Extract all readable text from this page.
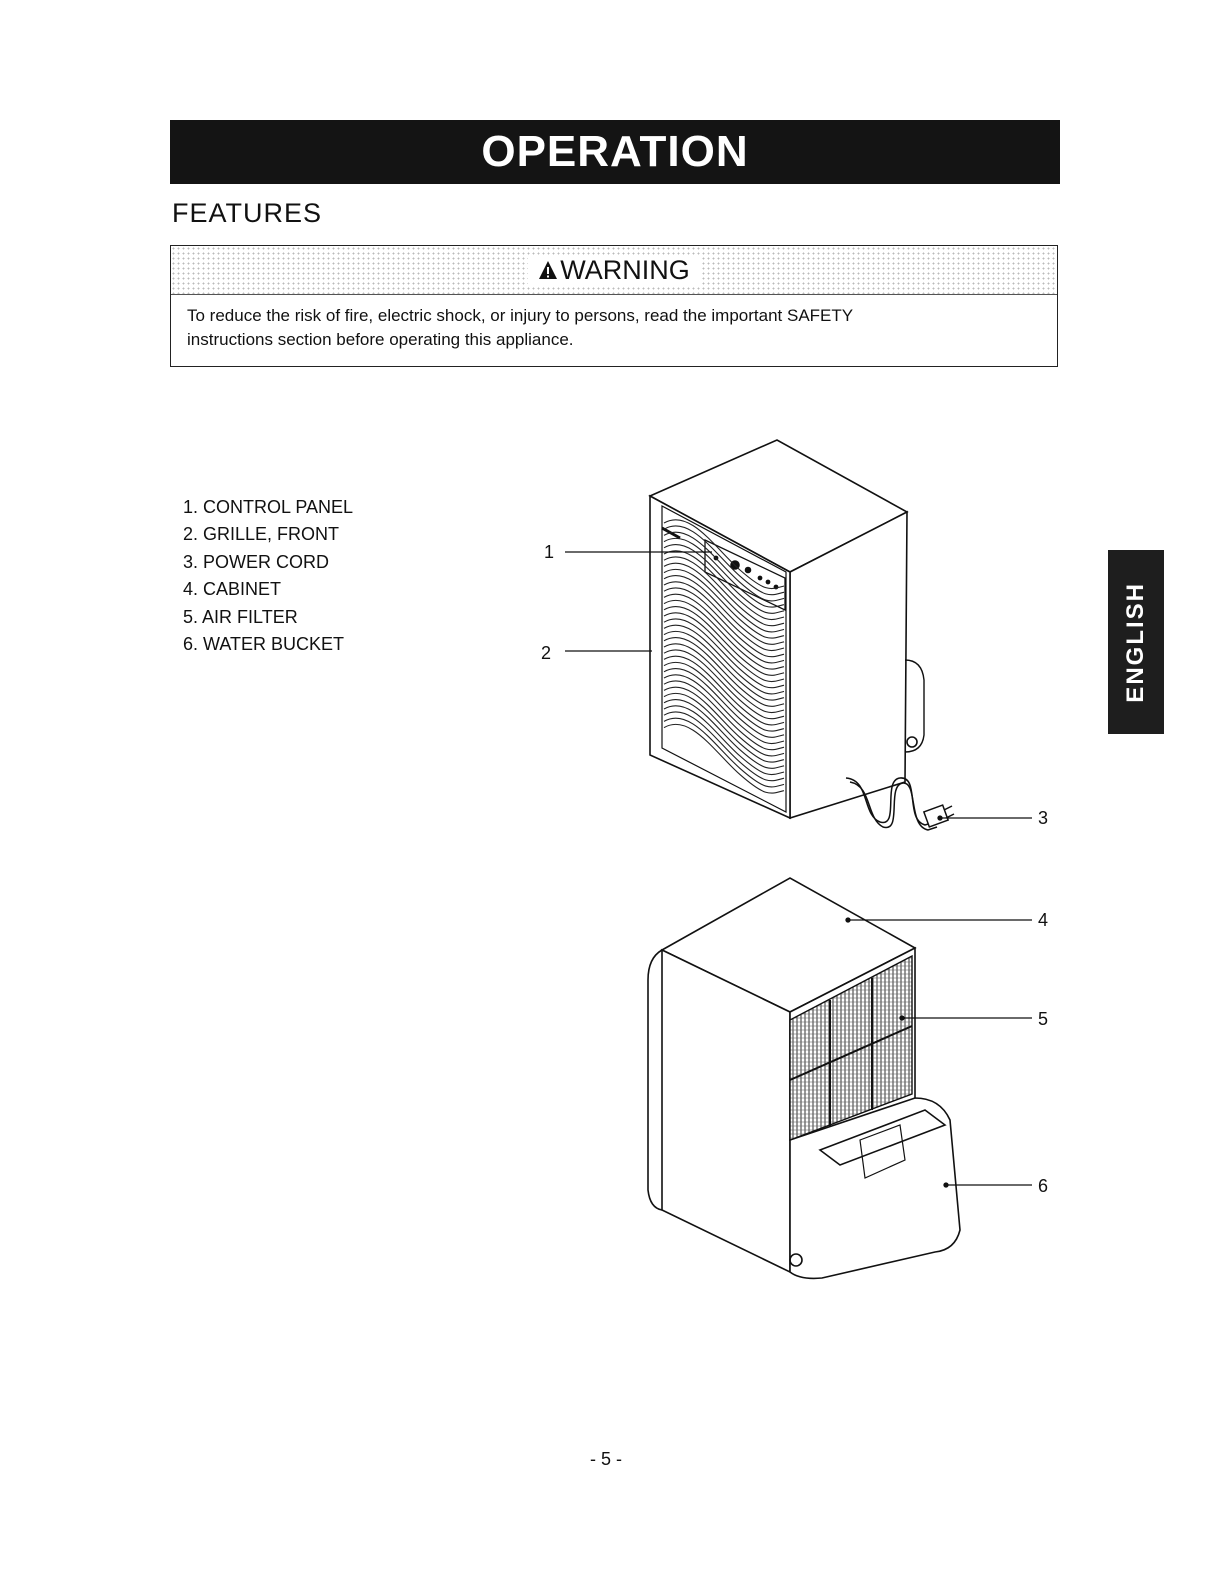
OPERATION
FEATURES
WARNING
To reduce the risk of fire, electric shock, or injury to persons, read the important SAFETY
instructions section before operating this appliance.
1. CONTROL PANEL
2. GRILLE, FRONT
3. POWER CORD
4. CABINET
5. AIR FILTER
6. WATER BUCKET
1
2
3
4
5
6
ENGLISH
- 5 -
